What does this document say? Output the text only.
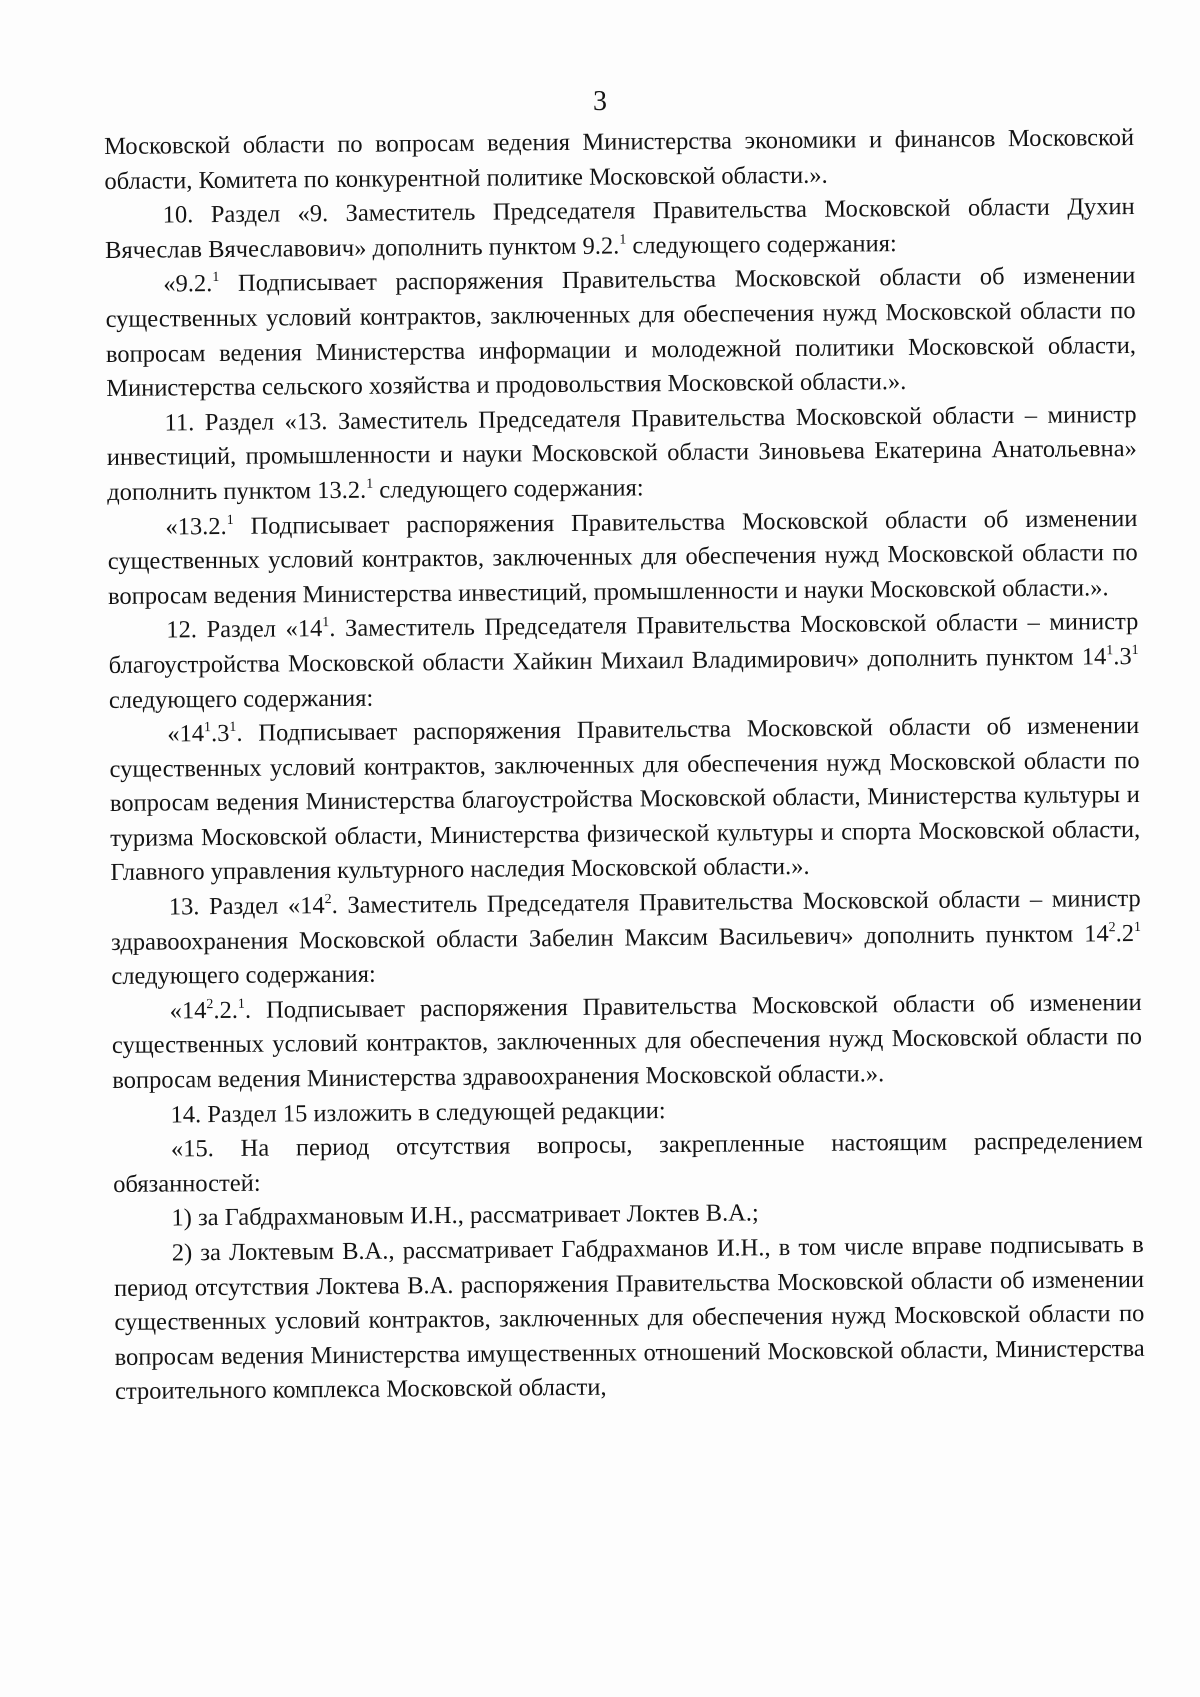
3

Московской области по вопросам ведения Министерства экономики и финансов Московской области, Комитета по конкурентной политике Московской области.».

10. Раздел «9. Заместитель Председателя Правительства Московской области Духин Вячеслав Вячеславович» дополнить пунктом 9.2.$^1$ следующего содержания:

«9.2.$^1$ Подписывает распоряжения Правительства Московской области об изменении существенных условий контрактов, заключенных для обеспечения нужд Московской области по вопросам ведения Министерства информации и молодежной политики Московской области, Министерства сельского хозяйства и продовольствия Московской области.».

11. Раздел «13. Заместитель Председателя Правительства Московской области – министр инвестиций, промышленности и науки Московской области Зиновьева Екатерина Анатольевна» дополнить пунктом 13.2.$^1$ следующего содержания:

«13.2.$^1$ Подписывает распоряжения Правительства Московской области об изменении существенных условий контрактов, заключенных для обеспечения нужд Московской области по вопросам ведения Министерства инвестиций, промышленности и науки Московской области.».

12. Раздел «$14^1$. Заместитель Председателя Правительства Московской области – министр благоустройства Московской области Хайкин Михаил Владимирович» дополнить пунктом $14^1.3^1$ следующего содержания:

«$14^1.3^1$. Подписывает распоряжения Правительства Московской области об изменении существенных условий контрактов, заключенных для обеспечения нужд Московской области по вопросам ведения Министерства благоустройства Московской области, Министерства культуры и туризма Московской области, Министерства физической культуры и спорта Московской области, Главного управления культурного наследия Московской области.».

13. Раздел «$14^2$. Заместитель Председателя Правительства Московской области – министр здравоохранения Московской области Забелин Максим Васильевич» дополнить пунктом $14^2.2^1$ следующего содержания:

«$14^2.2.^1$. Подписывает распоряжения Правительства Московской области об изменении существенных условий контрактов, заключенных для обеспечения нужд Московской области по вопросам ведения Министерства здравоохранения Московской области.».

14. Раздел 15 изложить в следующей редакции:

«15. На период отсутствия вопросы, закрепленные настоящим распределением обязанностей:

1) за Габдрахмановым И.Н., рассматривает Локтев В.А.;

2) за Локтевым В.А., рассматривает Габдрахманов И.Н., в том числе вправе подписывать в период отсутствия Локтева В.А. распоряжения Правительства Московской области об изменении существенных условий контрактов, заключенных для обеспечения нужд Московской области по вопросам ведения Министерства имущественных отношений Московской области, Министерства строительного комплекса Московской области,
